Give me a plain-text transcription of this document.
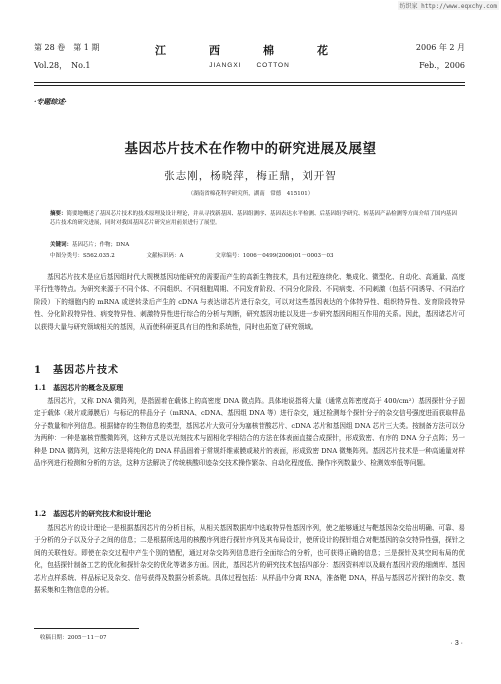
纺织家 http://www.eqxchy.com
第 28 卷　第 1 期	江　西　棉　花	2006 年 2 月
Vol.28，　No.1	JIANGXI　　COTTON	Feb.，2006
·专题综述·
基因芯片技术在作物中的研究进展及展望
张志刚，杨晓萍，梅正鼎，刘开智
（湖南省棉花科学研究所，湖南　常德　415101）
摘要：简要地概述了基因芯片技术的技术原理及设计理论，并从寻找新基因、基因组测序、基因表达水平检测、后基因组学研究、转基因产品检测等方面介绍了国内基因芯片技术的研究进展，同时对我国基因芯片研究应用前景进行了展望。
关键词：基因芯片；作物；DNA
中图分类号：S562.035.2	文献标识码：A	文章编号：1006－0499(2006)01－0003－03

基因芯片技术是应后基因组时代大规模基因功能研究的需要而产生的高新生物技术，具有过程连续化、集成化、微型化、自动化、高通量、高度平行性等特点。为研究来源于不同个体、不同组织、不同细胞周期、不同发育阶段、不同分化阶段、不同病变、不同刺激（包括不同诱导、不同治疗阶段）下的细胞内的 mRNA 或逆转录后产生的 cDNA 与表达谱芯片进行杂交，可以对这些基因表达的个体特异性、组织特异性、发育阶段特异性、分化阶段特异性、病变特异性、刺激特异性进行综合的分析与判断，研究基因功能以及进一步研究基因间相互作用的关系。因此，基因诸芯片可以获得大量与研究领域相关的基因，从而使科研更具有目的性和系统性，同时也拓宽了研究领域。

1　基因芯片技术
1.1　基因芯片的概念及原理

基因芯片，又称 DNA 微阵列，是指固着在载体上的高密度 DNA 微点阵。具体地说指将大量（通常点阵密度高于 400/cm²）基因探针分子固定于载体（玻片或薄膜后）与标记的样品分子（mRNA、cDNA、基因组 DNA 等）进行杂交，通过检测每个探针分子的杂交信号强度进而获取样品分子数量和序列信息。根据储存的生物信息的类型，基因芯片大致可分为塞核苷酸芯片、cDNA 芯片和基因组 DNA 芯片三大类。按制备方法可以分为两种：一种是塞核苷酸微阵列，这种方式是以光刻技术与固相化学相结合的方法在体表面直接合成探针，形成致密、有序的 DNA 分子点阵；另一种是 DNA 微阵列，这种方法是将纯化的 DNA 样品固着于常规纤维素膜或玻片的表面，形成致密 DNA 微集阵列。基因芯片技术是一种高通量对样品序列进行检测和分析的方法，这种方法解决了传统核酸印迹杂交技术操作繁杂、自动化程度低、操作序列数量少、检测效率低等问题。

1.2　基因芯片的研究技术和设计理论

基因芯片的设计理论一是根据基因芯片的分析目标，从相关基因数据库中选取特异性基因序列，使之能够通过与靶基因杂交给出明确、可靠、易于分析的分子以及分子之间的信息；二是根据所选用的核酸序列进行探针序列及其布局设计，使所设计的探针组合对靶基因的杂交特异性强，探针之间的关联性好。即使在杂交过程中产生个别的错配，通过对杂交阵列信息进行全面综合的分析，也可获得正确的信息；三是探针及其空间布局的优化，包括探针制备工艺的优化和探针杂交的优化等诸多方面。因此，基因芯片的研究技术包括四部分：基因资料库以及载有基因片段的细菌库、基因芯片点样系统、样品标记及杂交、信号获得及数据分析系统。具体过程包括：从样品中分离 RNA，准备靶 DNA，样品与基因芯片探针的杂交、数据采集和生物信息的分析。

收稿日期：2005－11－07
· 3 ·
